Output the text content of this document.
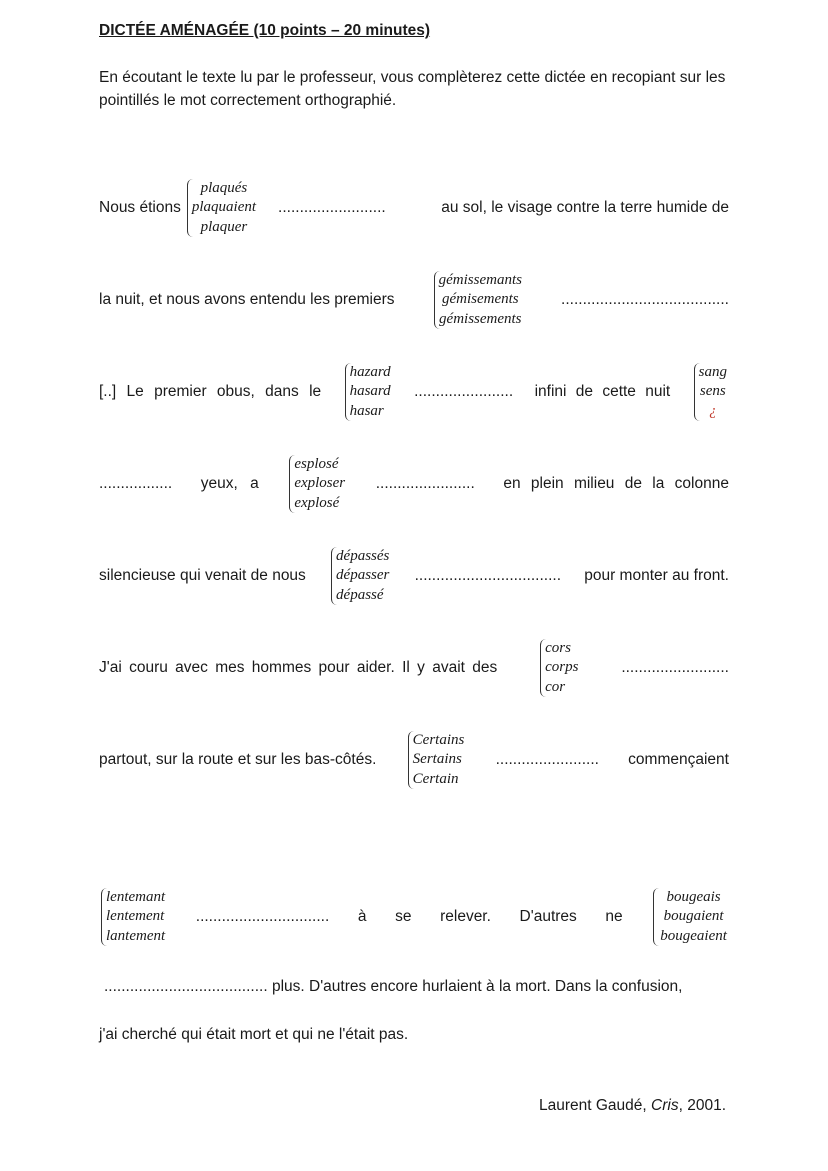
DICTÉE AMÉNAGÉE (10 points – 20 minutes)
En écoutant le texte lu par le professeur, vous complèterez cette dictée en recopiant sur les pointillés le mot correctement orthographié.
Nous étions
plaqués
plaquaient
plaquer
.........................	au sol, le visage contre la terre humide de
la nuit, et nous avons entendu les premiers
gémissemants
gémisements
gémissements
.......................................
[..] Le premier obus, dans le
hazard
hasard
hasar
....................... infini de cette nuit
sang
sens
¿
................. yeux, a
esplosé
exploser
explosé
....................... en plein milieu de la colonne
silencieuse qui venait de nous
dépassés
dépasser
dépassé
.................................. pour monter au front.
J'ai couru avec mes hommes pour aider. Il y avait des
cors
corps
cor
.........................
partout, sur la route et sur les bas-côtés.
Certains
Sertains
Certain
........................ commençaient
lentemant
lentement
lantement
............................... à se relever. D'autres ne
bougeais
bougaient
bougeaient
...................................... plus. D'autres encore hurlaient à la mort. Dans la confusion,
j'ai cherché qui était mort et qui ne l'était pas.
Laurent Gaudé, Cris, 2001.
